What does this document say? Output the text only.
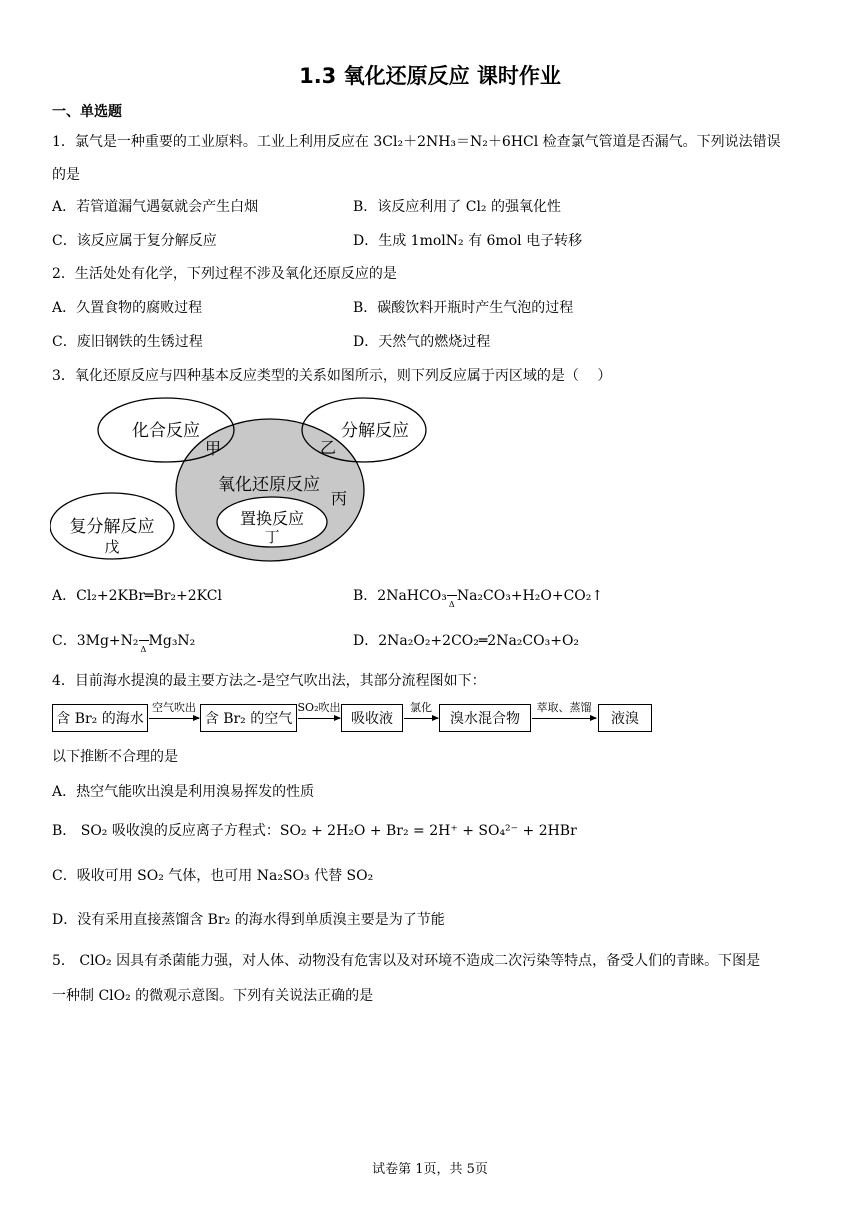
1.3 氧化还原反应 课时作业
一、单选题
1．氯气是一种重要的工业原料。工业上利用反应在 3Cl₂＋2NH₃＝N₂＋6HCl 检查氯气管道是否漏气。下列说法错误
的是
A．若管道漏气遇氨就会产生白烟	B．该反应利用了 Cl₂ 的强氧化性
C．该反应属于复分解反应	D．生成 1molN₂ 有 6mol 电子转移
2．生活处处有化学，下列过程不涉及氧化还原反应的是
A．久置食物的腐败过程	B．碳酸饮料开瓶时产生气泡的过程
C．废旧钢铁的生锈过程	D．天然气的燃烧过程
3．氧化还原反应与四种基本反应类型的关系如图所示，则下列反应属于丙区域的是（　 ）
化合反应
甲
分解反应
乙
氧化还原反应
丙
置换反应
丁
复分解反应
戊
A．Cl₂+2KBr═Br₂+2KCl	B．2NaHCO₃
Δ
Na₂CO₃+H₂O+CO₂↑
C．3Mg+N₂
Δ
Mg₃N₂	D．2Na₂O₂+2CO₂═2Na₂CO₃+O₂
4．目前海水提溴的最主要方法之-是空气吹出法，其部分流程图如下：
含 Br₂ 的海水
空气吹出
含 Br₂ 的空气
SO₂吹出
吸收液
氯化
溴水混合物
萃取、蒸馏
液溴
以下推断不合理的是
A．热空气能吹出溴是利用溴易挥发的性质
B． SO₂ 吸收溴的反应离子方程式：SO₂ + 2H₂O + Br₂ = 2H⁺ + SO₄²⁻ + 2HBr
C．吸收可用 SO₂ 气体，也可用 Na₂SO₃ 代替 SO₂
D．没有采用直接蒸馏含 Br₂ 的海水得到单质溴主要是为了节能
5． ClO₂ 因具有杀菌能力强，对人体、动物没有危害以及对环境不造成二次污染等特点，备受人们的青睐。下图是
一种制 ClO₂ 的微观示意图。下列有关说法正确的是
试卷第 1页，共 5页
